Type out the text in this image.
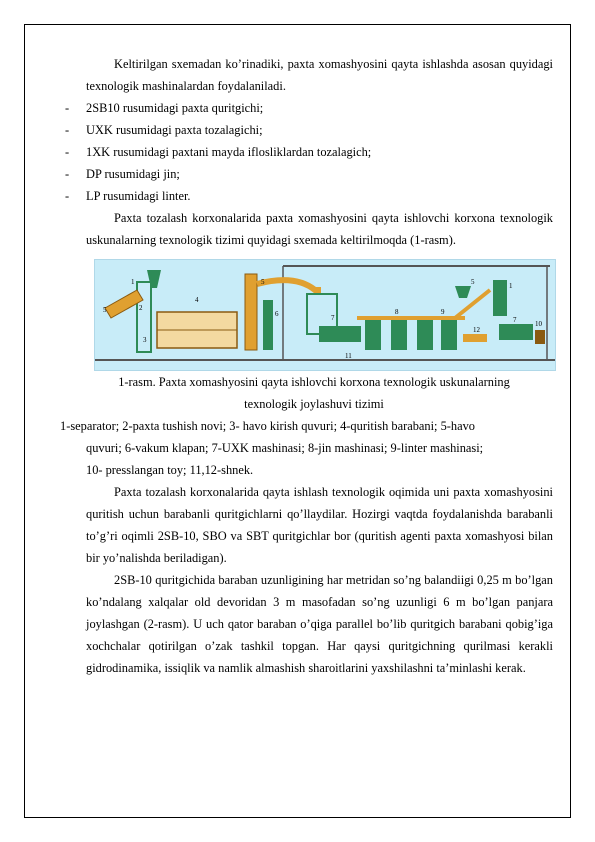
Keltirilgan sxemadan ko’rinadiki, paxta xomashyosini qayta ishlashda asosan quyidagi texnologik mashinalardan foydalaniladi.

- 2SB10 rusumidagi paxta quritgichi;

- UXK rusumidagi paxta tozalagichi;

- 1XK rusumidagi paxtani mayda iflosliklardan tozalagich;

- DP rusumidagi jin;

- LP rusumidagi linter.

Paxta tozalash korxonalarida paxta xomashyosini qayta ishlovchi korxona texnologik uskunalarning texnologik tizimi quyidagi sxemada keltirilmoqda (1-rasm).

1
2
3
4
5
5
6	7
8	9
5	1
7	10
11
12

1-rasm. Paxta xomashyosini qayta ishlovchi korxona texnologik uskunalarning

texnologik joylashuvi tizimi

1-separator; 2-paxta tushish novi; 3- havo kirish quvuri; 4-quritish barabani; 5-havo
quvuri; 6-vakum klapan; 7-UXK mashinasi; 8-jin mashinasi; 9-linter mashinasi;
10- presslangan toy; 11,12-shnek.

Paxta tozalash korxonalarida qayta ishlash texnologik oqimida uni paxta xomashyosini quritish uchun barabanli quritgichlarni qo’llaydilar. Hozirgi vaqtda foydalanishda barabanli to’g’ri oqimli 2SB-10, SBO va SBT quritgichlar bor (quritish agenti paxta xomashyosi bilan bir yo’nalishda beriladigan).

2SB-10 quritgichida baraban uzunligining har metridan so’ng balandiigi 0,25 m bo’lgan ko’ndalang xalqalar old devoridan 3 m masofadan so’ng uzunligi 6 m bo’lgan panjara joylashgan (2-rasm). U uch qator baraban o’qiga parallel bo’lib quritgich barabani qobig’iga xochchalar qotirilgan o’zak tashkil topgan. Har qaysi quritgichning qurilmasi kerakli gidrodinamika, issiqlik va namlik almashish sharoitlarini yaxshilashni ta’minlashi kerak.
